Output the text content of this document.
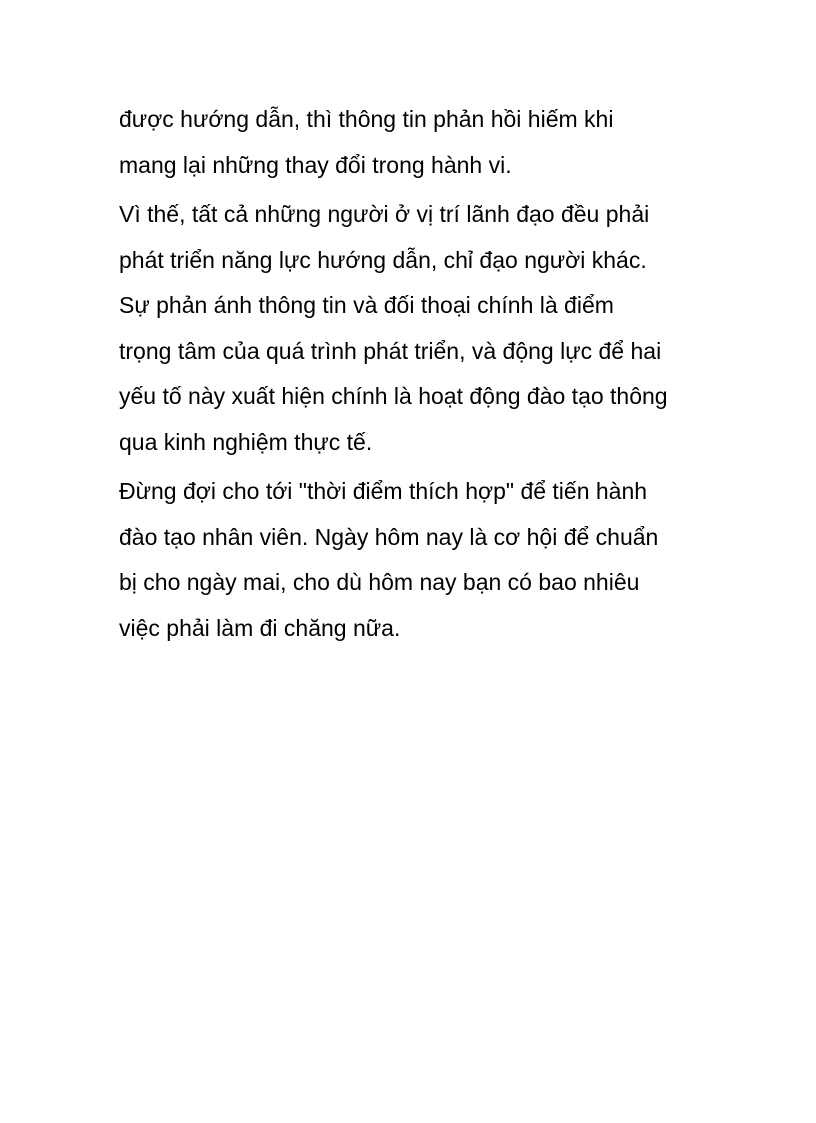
được hướng dẫn, thì thông tin phản hồi hiếm khi
mang lại những thay đổi trong hành vi.
Vì thế, tất cả những người ở vị trí lãnh đạo đều phải
phát triển năng lực hướng dẫn, chỉ đạo người khác.
Sự phản ánh thông tin và đối thoại chính là điểm
trọng tâm của quá trình phát triển, và động lực để hai
yếu tố này xuất hiện chính là hoạt động đào tạo thông
qua kinh nghiệm thực tế.
Đừng đợi cho tới "thời điểm thích hợp" để tiến hành
đào tạo nhân viên. Ngày hôm nay là cơ hội để chuẩn
bị cho ngày mai, cho dù hôm nay bạn có bao nhiêu
việc phải làm đi chăng nữa.
